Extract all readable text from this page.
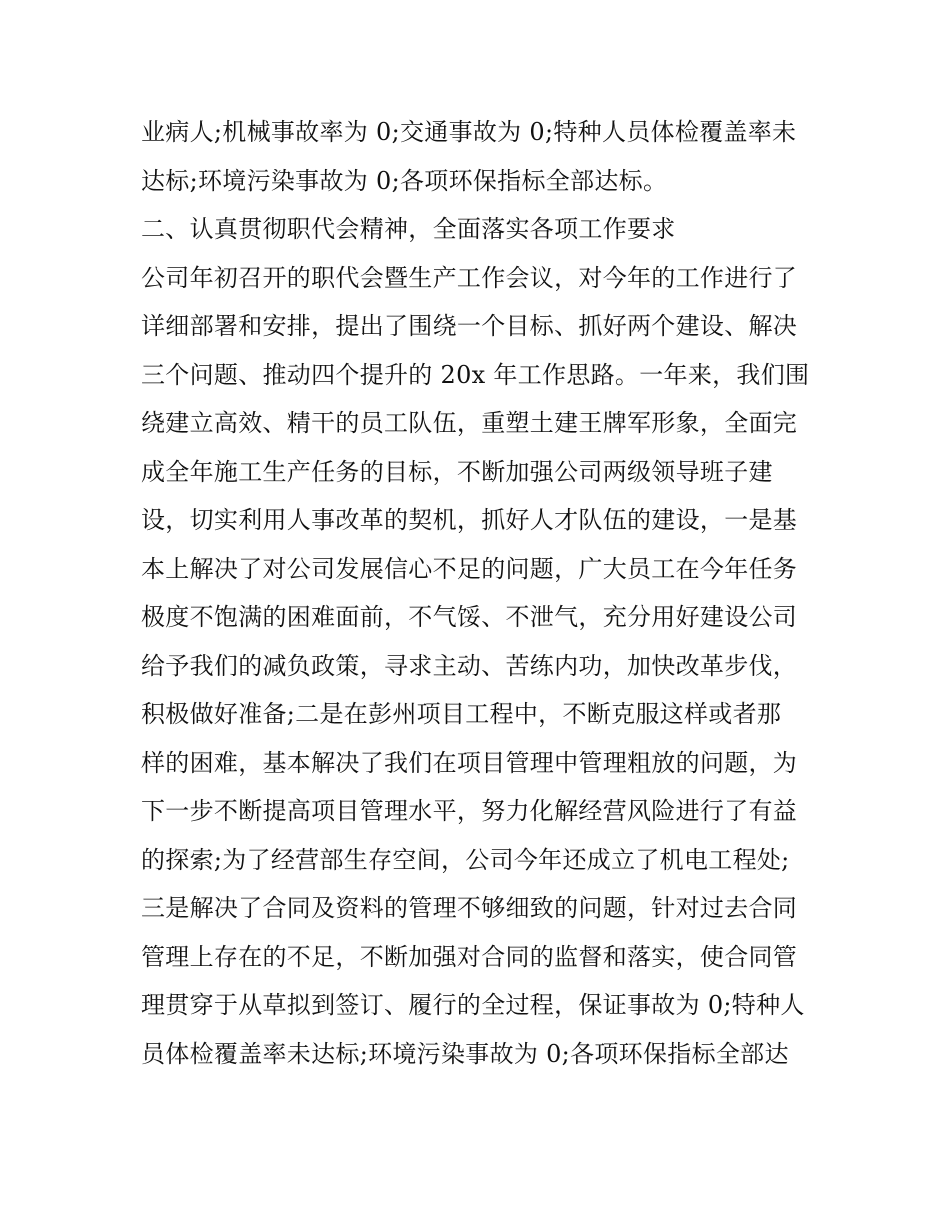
业病人;机械事故率为 0;交通事故为 0;特种人员体检覆盖率未
达标;环境污染事故为 0;各项环保指标全部达标。
二、认真贯彻职代会精神，全面落实各项工作要求
公司年初召开的职代会暨生产工作会议，对今年的工作进行了
详细部署和安排，提出了围绕一个目标、抓好两个建设、解决
三个问题、推动四个提升的 20x 年工作思路。一年来，我们围
绕建立高效、精干的员工队伍，重塑土建王牌军形象，全面完
成全年施工生产任务的目标，不断加强公司两级领导班子建
设，切实利用人事改革的契机，抓好人才队伍的建设，一是基
本上解决了对公司发展信心不足的问题，广大员工在今年任务
极度不饱满的困难面前，不气馁、不泄气，充分用好建设公司
给予我们的减负政策，寻求主动、苦练内功，加快改革步伐，
积极做好准备;二是在彭州项目工程中，不断克服这样或者那
样的困难，基本解决了我们在项目管理中管理粗放的问题，为
下一步不断提高项目管理水平，努力化解经营风险进行了有益
的探索;为了经营部生存空间，公司今年还成立了机电工程处;
三是解决了合同及资料的管理不够细致的问题，针对过去合同
管理上存在的不足，不断加强对合同的监督和落实，使合同管
理贯穿于从草拟到签订、履行的全过程，保证事故为 0;特种人
员体检覆盖率未达标;环境污染事故为 0;各项环保指标全部达
